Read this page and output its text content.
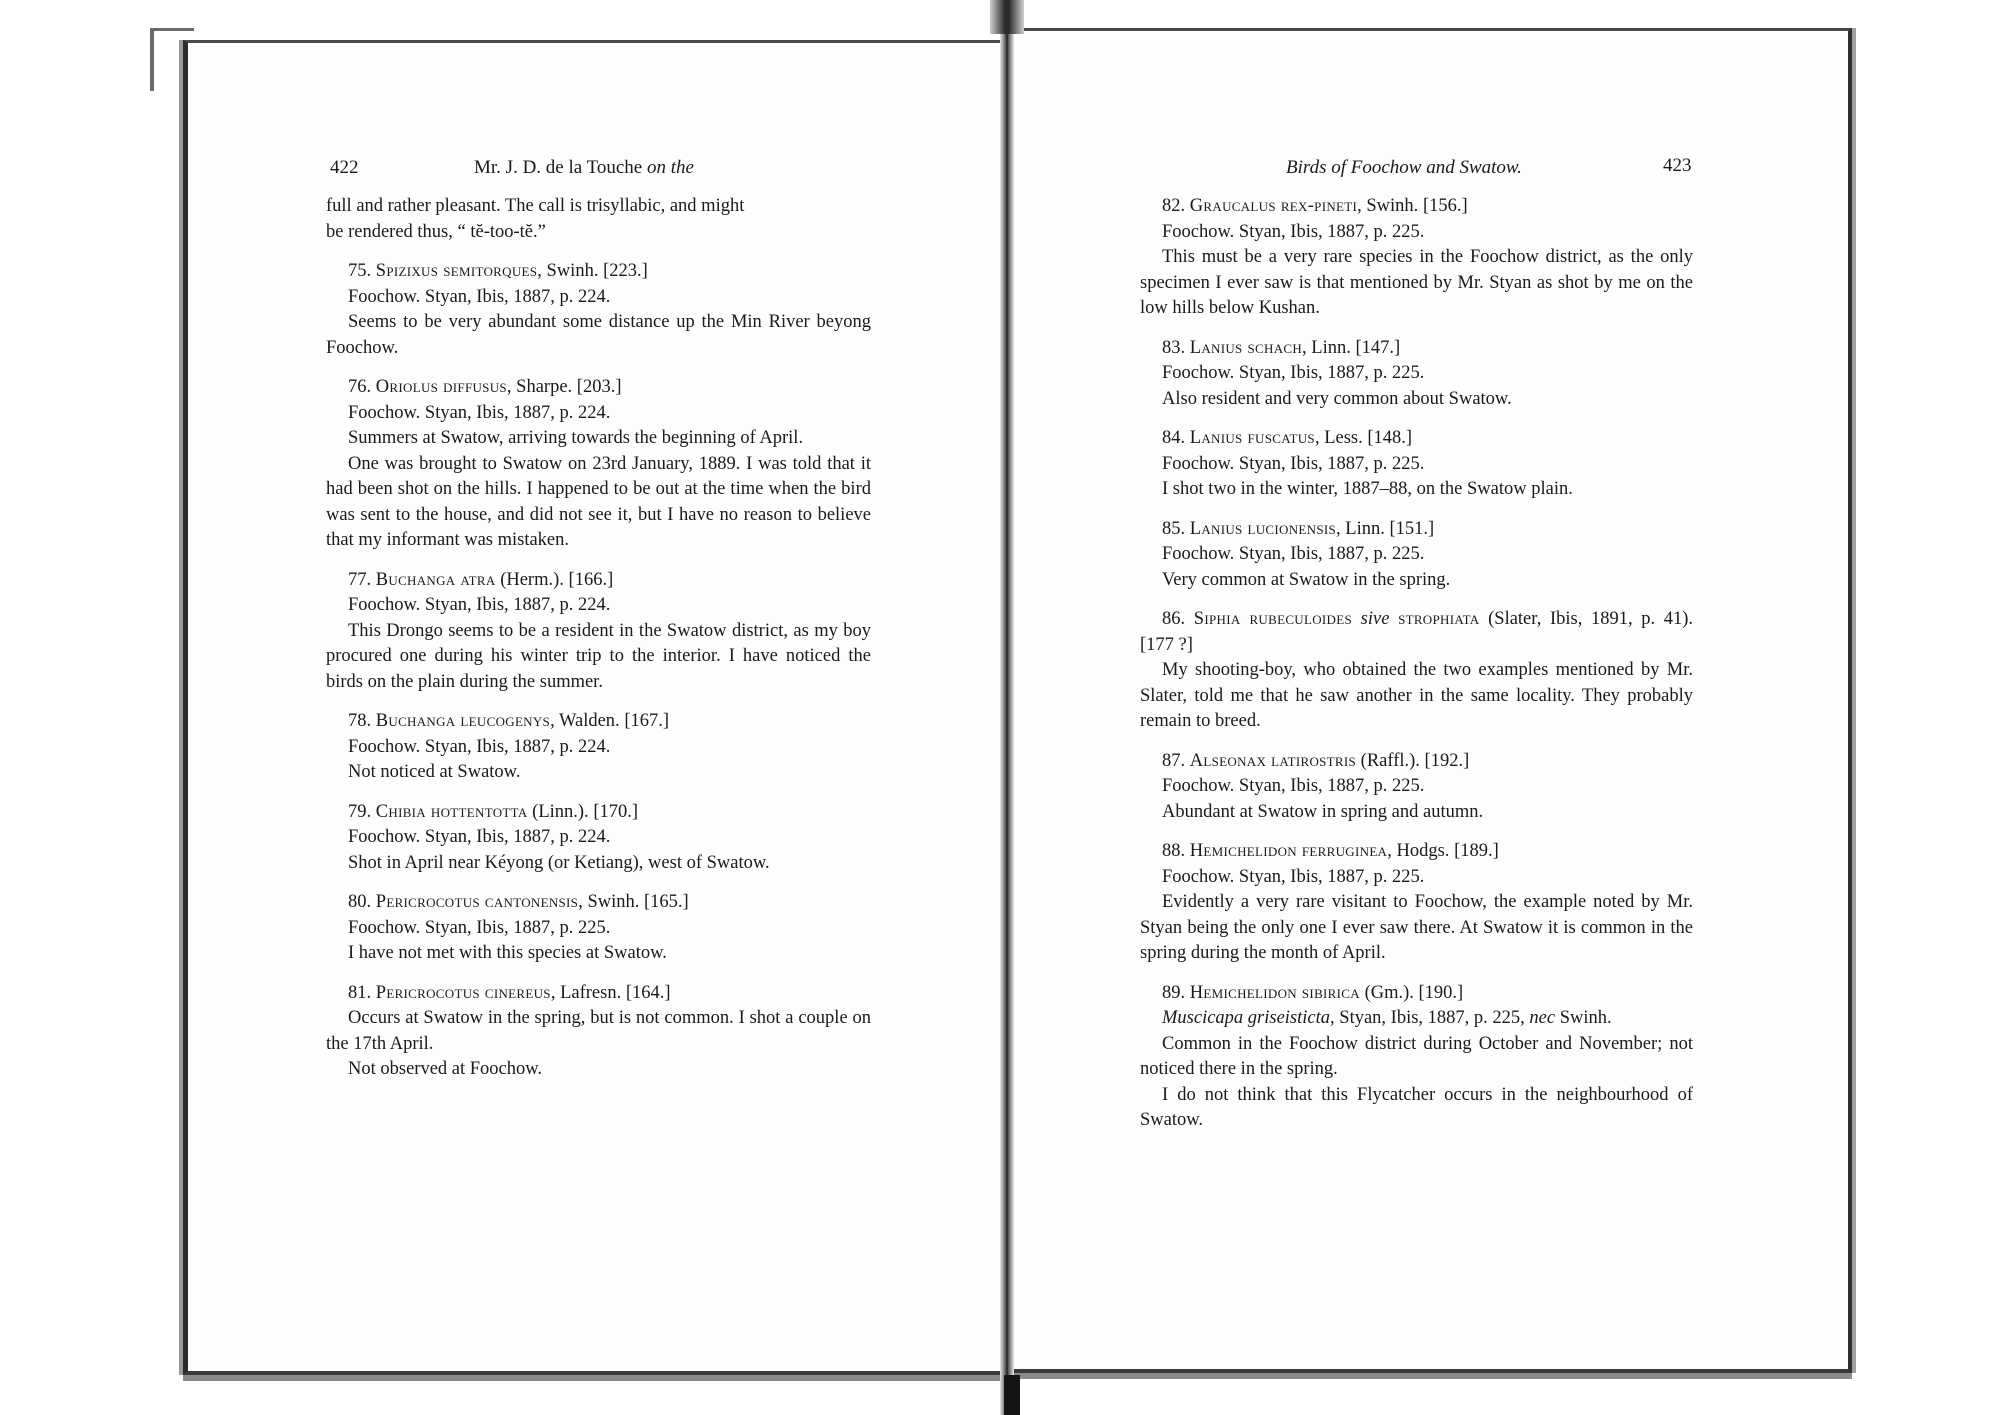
422	Mr. J. D. de la Touche on the	Birds of Foochow and Swatow.	423
full and rather pleasant. The call is trisyllabic, and might
be rendered thus, “ tĕ-too-tĕ.”
75. Spizixus semitorques, Swinh. [223.]
Foochow. Styan, Ibis, 1887, p. 224.
Seems to be very abundant some distance up the Min River beyong Foochow.
76. Oriolus diffusus, Sharpe. [203.]
Foochow. Styan, Ibis, 1887, p. 224.
Summers at Swatow, arriving towards the beginning of April.
One was brought to Swatow on 23rd January, 1889. I was told that it had been shot on the hills. I happened to be out at the time when the bird was sent to the house, and did not see it, but I have no reason to believe that my informant was mistaken.
77. Buchanga atra (Herm.). [166.]
Foochow. Styan, Ibis, 1887, p. 224.
This Drongo seems to be a resident in the Swatow district, as my boy procured one during his winter trip to the interior. I have noticed the birds on the plain during the summer.
78. Buchanga leucogenys, Walden. [167.]
Foochow. Styan, Ibis, 1887, p. 224.
Not noticed at Swatow.
79. Chibia hottentotta (Linn.). [170.]
Foochow. Styan, Ibis, 1887, p. 224.
Shot in April near Kéyong (or Ketiang), west of Swatow.
80. Pericrocotus cantonensis, Swinh. [165.]
Foochow. Styan, Ibis, 1887, p. 225.
I have not met with this species at Swatow.
81. Pericrocotus cinereus, Lafresn. [164.]
Occurs at Swatow in the spring, but is not common. I shot a couple on the 17th April.
Not observed at Foochow.
82. Graucalus rex-pineti, Swinh. [156.]
Foochow. Styan, Ibis, 1887, p. 225.
This must be a very rare species in the Foochow district, as the only specimen I ever saw is that mentioned by Mr. Styan as shot by me on the low hills below Kushan.
83. Lanius schach, Linn. [147.]
Foochow. Styan, Ibis, 1887, p. 225.
Also resident and very common about Swatow.
84. Lanius fuscatus, Less. [148.]
Foochow. Styan, Ibis, 1887, p. 225.
I shot two in the winter, 1887–88, on the Swatow plain.
85. Lanius lucionensis, Linn. [151.]
Foochow. Styan, Ibis, 1887, p. 225.
Very common at Swatow in the spring.
86. Siphia rubeculoides sive strophiata (Slater, Ibis, 1891, p. 41). [177 ?]
My shooting-boy, who obtained the two examples mentioned by Mr. Slater, told me that he saw another in the same locality. They probably remain to breed.
87. Alseonax latirostris (Raffl.). [192.]
Foochow. Styan, Ibis, 1887, p. 225.
Abundant at Swatow in spring and autumn.
88. Hemichelidon ferruginea, Hodgs. [189.]
Foochow. Styan, Ibis, 1887, p. 225.
Evidently a very rare visitant to Foochow, the example noted by Mr. Styan being the only one I ever saw there. At Swatow it is common in the spring during the month of April.
89. Hemichelidon sibirica (Gm.). [190.]
Muscicapa griseisticta, Styan, Ibis, 1887, p. 225, nec Swinh.
Common in the Foochow district during October and November; not noticed there in the spring.
I do not think that this Flycatcher occurs in the neighbourhood of Swatow.
